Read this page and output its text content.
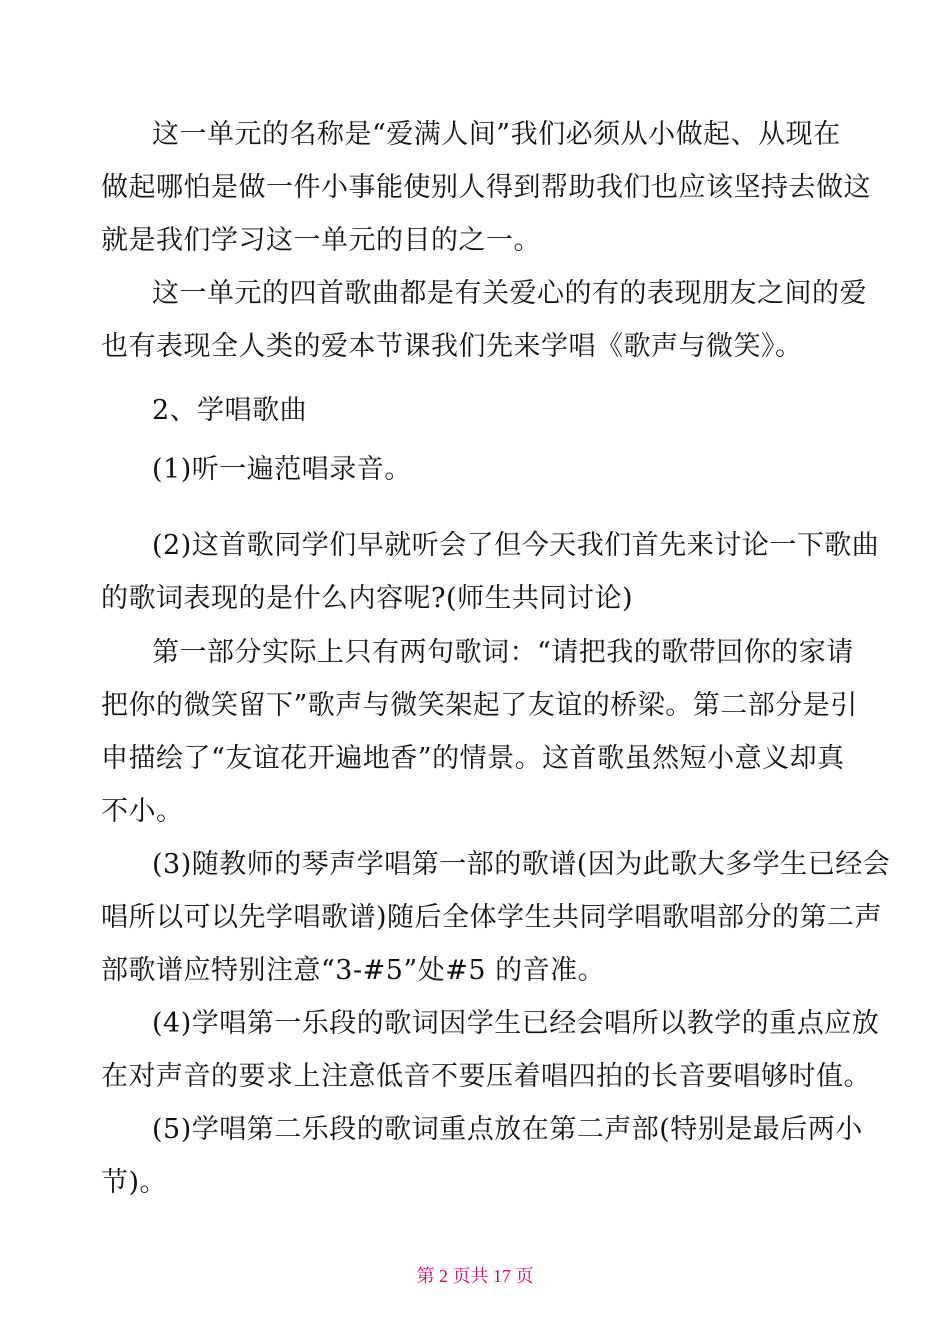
这一单元的名称是“爱满人间”我们必须从小做起、从现在
做起哪怕是做一件小事能使别人得到帮助我们也应该坚持去做这
就是我们学习这一单元的目的之一。
这一单元的四首歌曲都是有关爱心的有的表现朋友之间的爱
也有表现全人类的爱本节课我们先来学唱《歌声与微笑》。
2、学唱歌曲
(1)听一遍范唱录音。
(2)这首歌同学们早就听会了但今天我们首先来讨论一下歌曲
的歌词表现的是什么内容呢?(师生共同讨论)
第一部分实际上只有两句歌词：“请把我的歌带回你的家请
把你的微笑留下”歌声与微笑架起了友谊的桥梁。第二部分是引
申描绘了“友谊花开遍地香”的情景。这首歌虽然短小意义却真
不小。
(3)随教师的琴声学唱第一部的歌谱(因为此歌大多学生已经会
唱所以可以先学唱歌谱)随后全体学生共同学唱歌唱部分的第二声
部歌谱应特别注意“3-#5”处#5 的音准。
(4)学唱第一乐段的歌词因学生已经会唱所以教学的重点应放
在对声音的要求上注意低音不要压着唱四拍的长音要唱够时值。
(5)学唱第二乐段的歌词重点放在第二声部(特别是最后两小
节)。
第 2 页共 17 页
